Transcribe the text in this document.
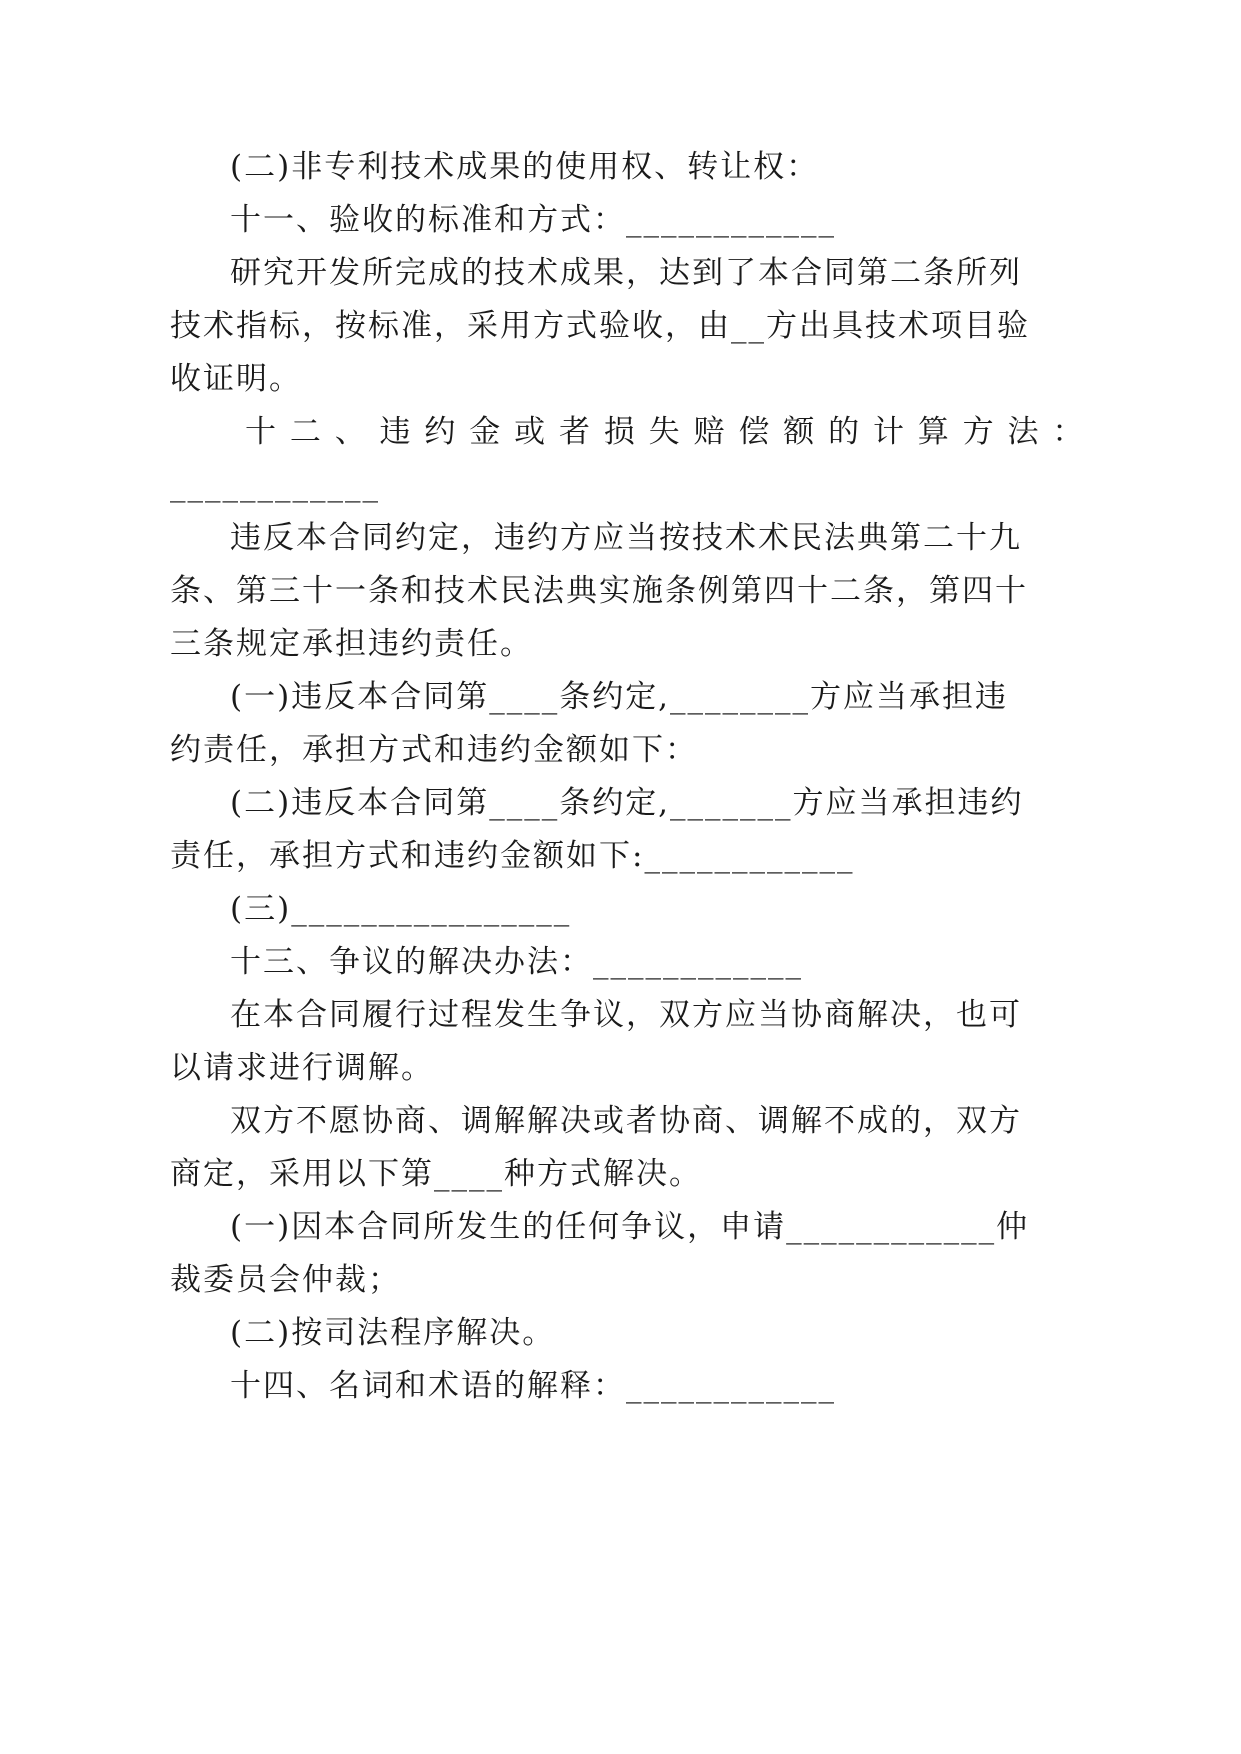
(二)非专利技术成果的使用权、转让权：
十一、验收的标准和方式：____________
研究开发所完成的技术成果，达到了本合同第二条所列
技术指标，按标准，采用方式验收，由__方出具技术项目验
收证明。
十 二 、 违 约 金 或 者 损 失 赔 偿 额 的 计 算 方 法 ：
____________
违反本合同约定，违约方应当按技术术民法典第二十九
条、第三十一条和技术民法典实施条例第四十二条，第四十
三条规定承担违约责任。
(一)违反本合同第____条约定,________方应当承担违
约责任，承担方式和违约金额如下：
(二)违反本合同第____条约定,_______方应当承担违约
责任，承担方式和违约金额如下:____________
(三)________________
十三、争议的解决办法：____________
在本合同履行过程发生争议，双方应当协商解决，也可
以请求进行调解。
双方不愿协商、调解解决或者协商、调解不成的，双方
商定，采用以下第____种方式解决。
(一)因本合同所发生的任何争议，申请____________仲
裁委员会仲裁；
(二)按司法程序解决。
十四、名词和术语的解释：____________
